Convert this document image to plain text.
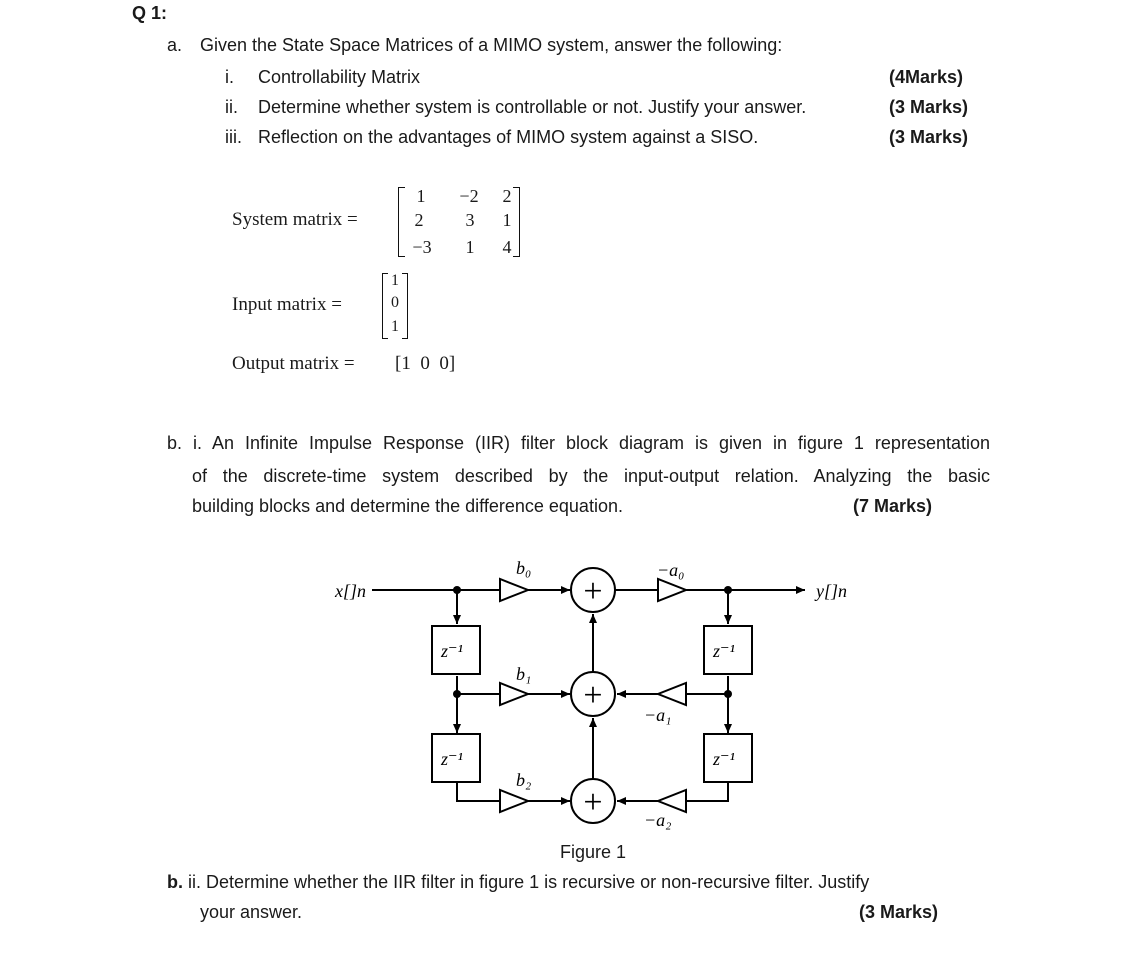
Q 1:
a. Given the State Space Matrices of a MIMO system, answer the following:
i. Controllability Matrix	(4Marks)
ii. Determine whether system is controllable or not. Justify your answer.	(3 Marks)
iii. Reflection on the advantages of MIMO system against a SISO.	(3 Marks)
System matrix =
1	−2	2
2	3	1
−3	1	4
Input matrix =
1
0
1
Output matrix = [1  0  0]
b. i. An Infinite Impulse Response (IIR) filter block diagram is given in figure 1 representation
of the discrete-time system described by the input-output relation. Analyzing the basic
building blocks and determine the difference equation.	(7 Marks)
+
+
+
x[]n	y[]n
b₀
b₁
b₂
−a₀
−a₁
−a₂
z⁻¹
z⁻¹
z⁻¹
z⁻¹
Figure 1
b. ii. Determine whether the IIR filter in figure 1 is recursive or non-recursive filter. Justify
your answer.	(3 Marks)
